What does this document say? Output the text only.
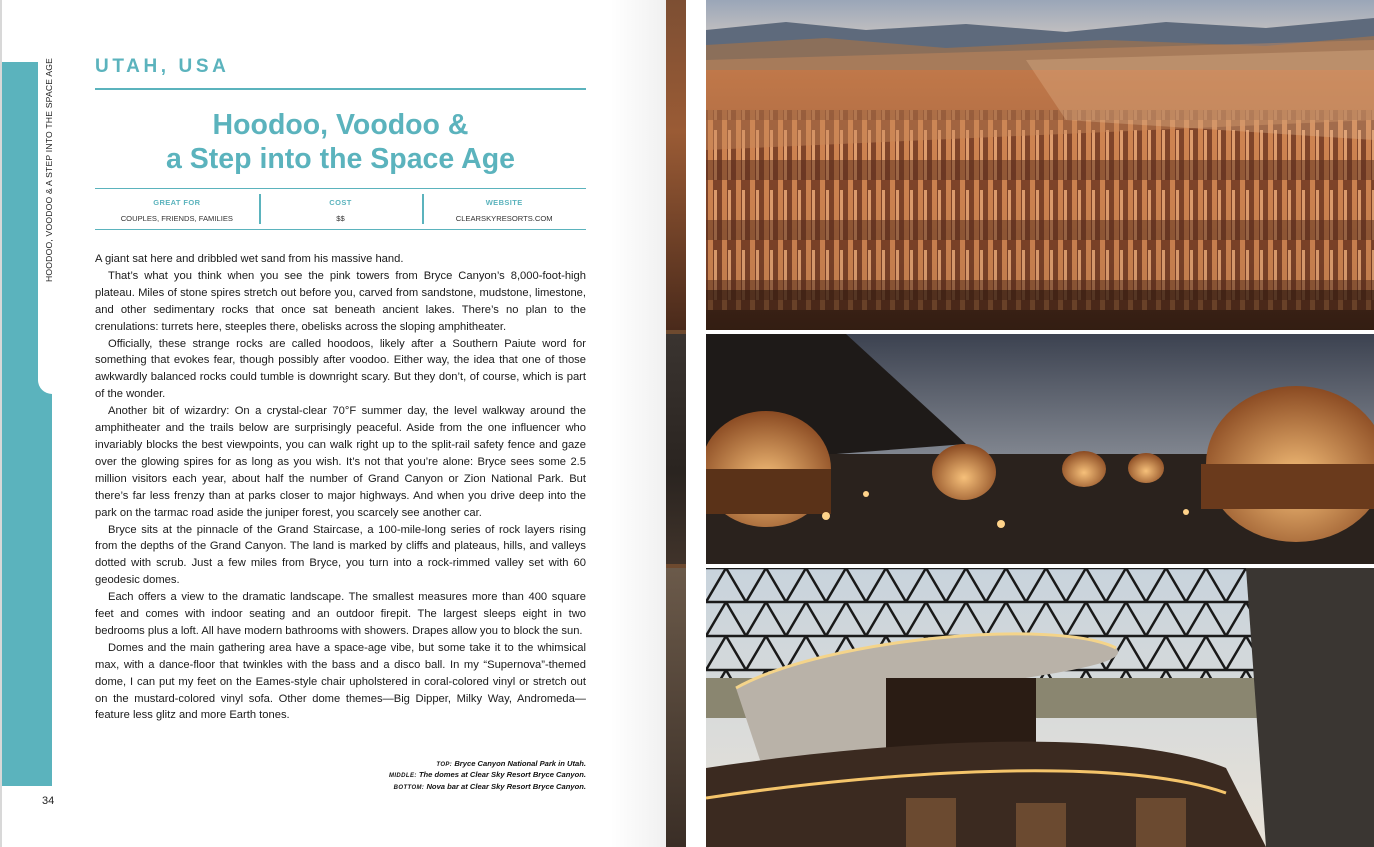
HOODOO, VOODOO & A STEP INTO THE SPACE AGE
34
UTAH, USA
Hoodoo, Voodoo &
a Step into the Space Age
GREAT FOR
COUPLES, FRIENDS, FAMILIES
COST
$$
WEBSITE
CLEARSKYRESORTS.COM

A giant sat here and dribbled wet sand from his massive hand.

That’s what you think when you see the pink towers from Bryce Canyon’s 8,000-foot-high plateau. Miles of stone spires stretch out before you, carved from sandstone, mudstone, limestone, and other sedimentary rocks that once sat beneath ancient lakes. There’s no plan to the crenulations: turrets here, steeples there, obelisks across the sloping amphitheater.

Officially, these strange rocks are called hoodoos, likely after a Southern Paiute word for something that evokes fear, though possibly after voodoo. Either way, the idea that one of those awkwardly balanced rocks could tumble is downright scary. But they don’t, of course, which is part of the wonder.

Another bit of wizardry: On a crystal-clear 70°F summer day, the level walkway around the amphitheater and the trails below are surprisingly peaceful. Aside from the one influencer who invariably blocks the best viewpoints, you can walk right up to the split-rail safety fence and gaze over the glowing spires for as long as you wish. It’s not that you’re alone: Bryce sees some 2.5 million visitors each year, about half the number of Grand Canyon or Zion National Park. But there’s far less frenzy than at parks closer to major highways. And when you drive deep into the park on the tarmac road aside the juniper forest, you scarcely see another car.

Bryce sits at the pinnacle of the Grand Staircase, a 100-mile-long series of rock layers rising from the depths of the Grand Canyon. The land is marked by cliffs and plateaus, hills, and valleys dotted with scrub. Just a few miles from Bryce, you turn into a rock-rimmed valley set with 60 geodesic domes.

Each offers a view to the dramatic landscape. The smallest measures more than 400 square feet and comes with indoor seating and an outdoor firepit. The largest sleeps eight in two bedrooms plus a loft. All have modern bathrooms with showers. Drapes allow you to block the sun.

Domes and the main gathering area have a space-age vibe, but some take it to the whimsical max, with a dance-floor that twinkles with the bass and a disco ball. In my “Supernova”-themed dome, I can put my feet on the Eames-style chair upholstered in coral-colored vinyl or stretch out on the mustard-colored vinyl sofa. Other dome themes—Big Dipper, Milky Way, Andromeda—feature less glitz and more Earth tones.

TOP: Bryce Canyon National Park in Utah.
MIDDLE: The domes at Clear Sky Resort Bryce Canyon.
BOTTOM: Nova bar at Clear Sky Resort Bryce Canyon.
